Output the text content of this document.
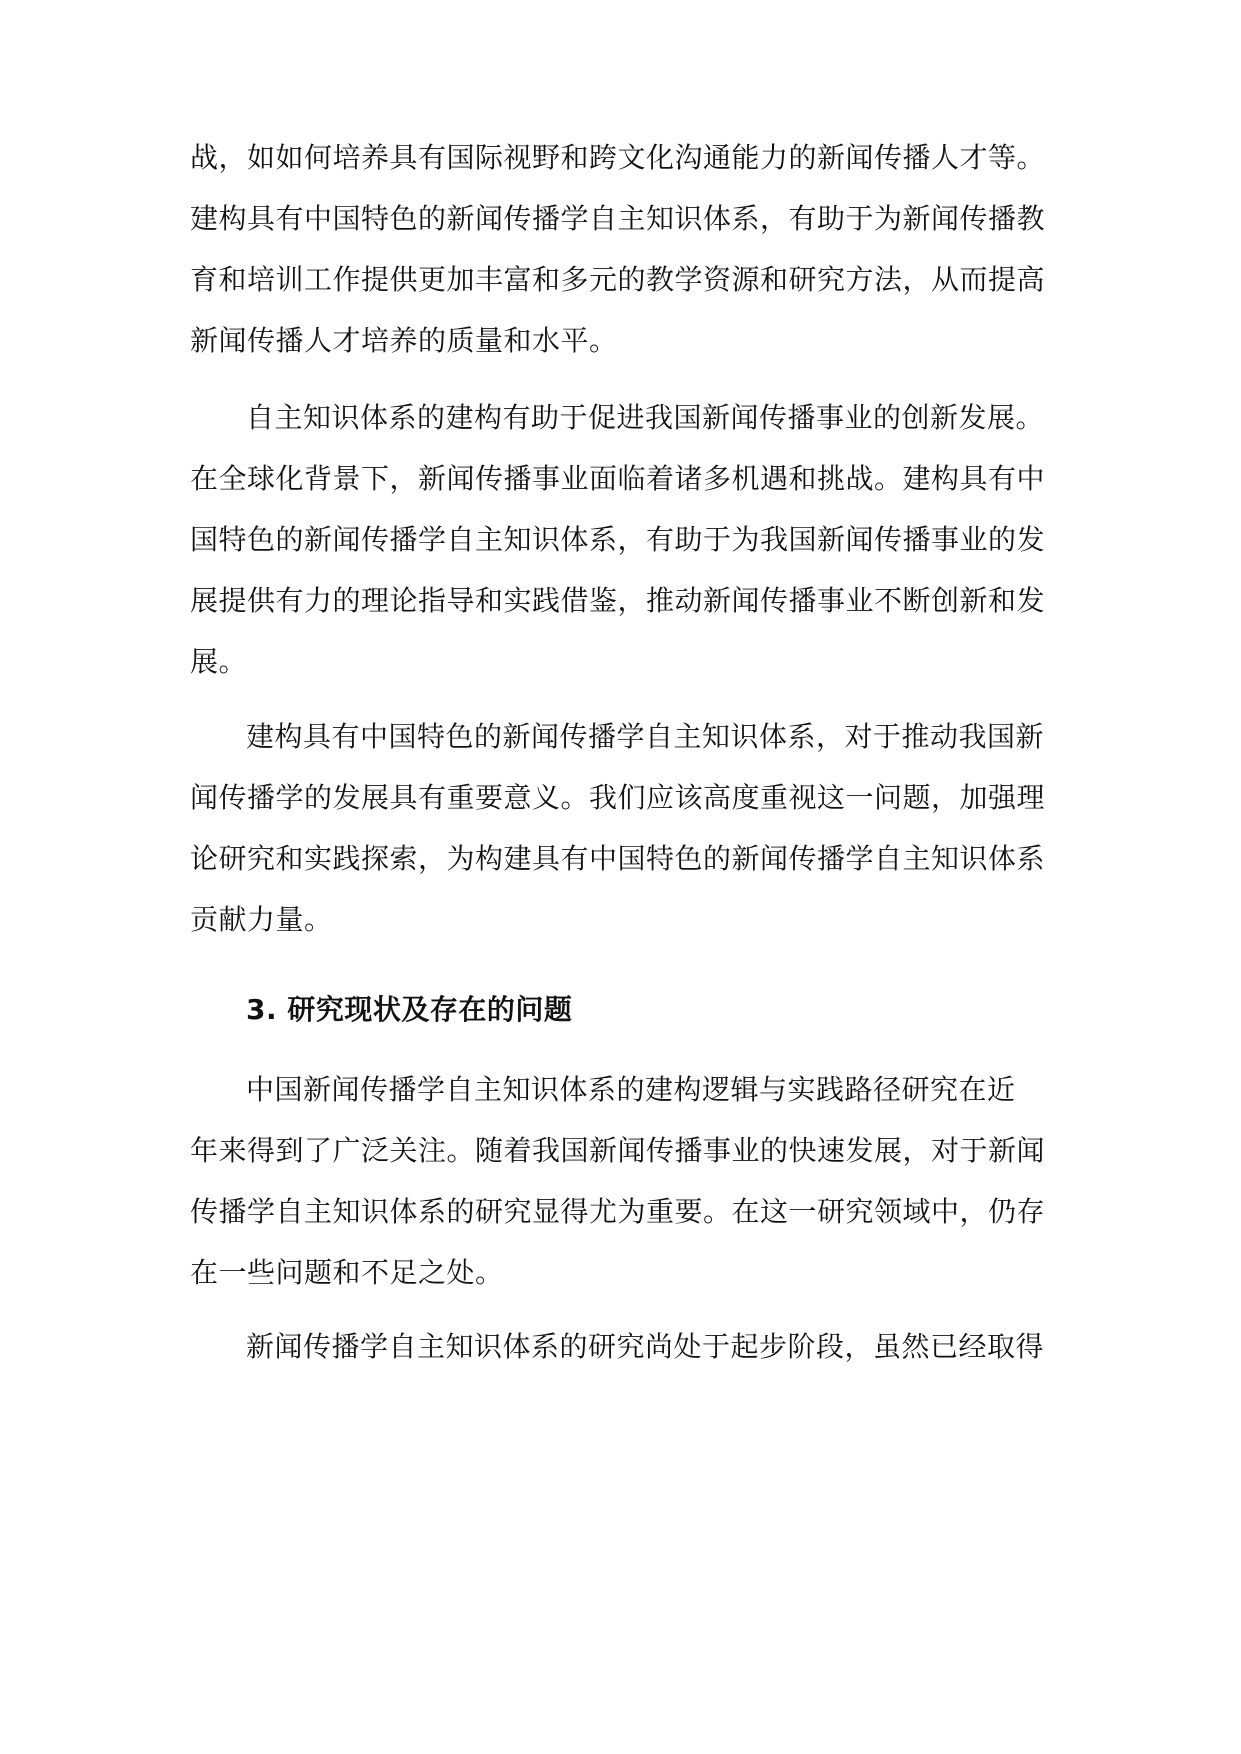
战，如如何培养具有国际视野和跨文化沟通能力的新闻传播人才等。
建构具有中国特色的新闻传播学自主知识体系，有助于为新闻传播教
育和培训工作提供更加丰富和多元的教学资源和研究方法，从而提高
新闻传播人才培养的质量和水平。
自主知识体系的建构有助于促进我国新闻传播事业的创新发展。
在全球化背景下，新闻传播事业面临着诸多机遇和挑战。建构具有中
国特色的新闻传播学自主知识体系，有助于为我国新闻传播事业的发
展提供有力的理论指导和实践借鉴，推动新闻传播事业不断创新和发
展。
建构具有中国特色的新闻传播学自主知识体系，对于推动我国新
闻传播学的发展具有重要意义。我们应该高度重视这一问题，加强理
论研究和实践探索，为构建具有中国特色的新闻传播学自主知识体系
贡献力量。
3. 研究现状及存在的问题
中国新闻传播学自主知识体系的建构逻辑与实践路径研究在近
年来得到了广泛关注。随着我国新闻传播事业的快速发展，对于新闻
传播学自主知识体系的研究显得尤为重要。在这一研究领域中，仍存
在一些问题和不足之处。
新闻传播学自主知识体系的研究尚处于起步阶段，虽然已经取得
